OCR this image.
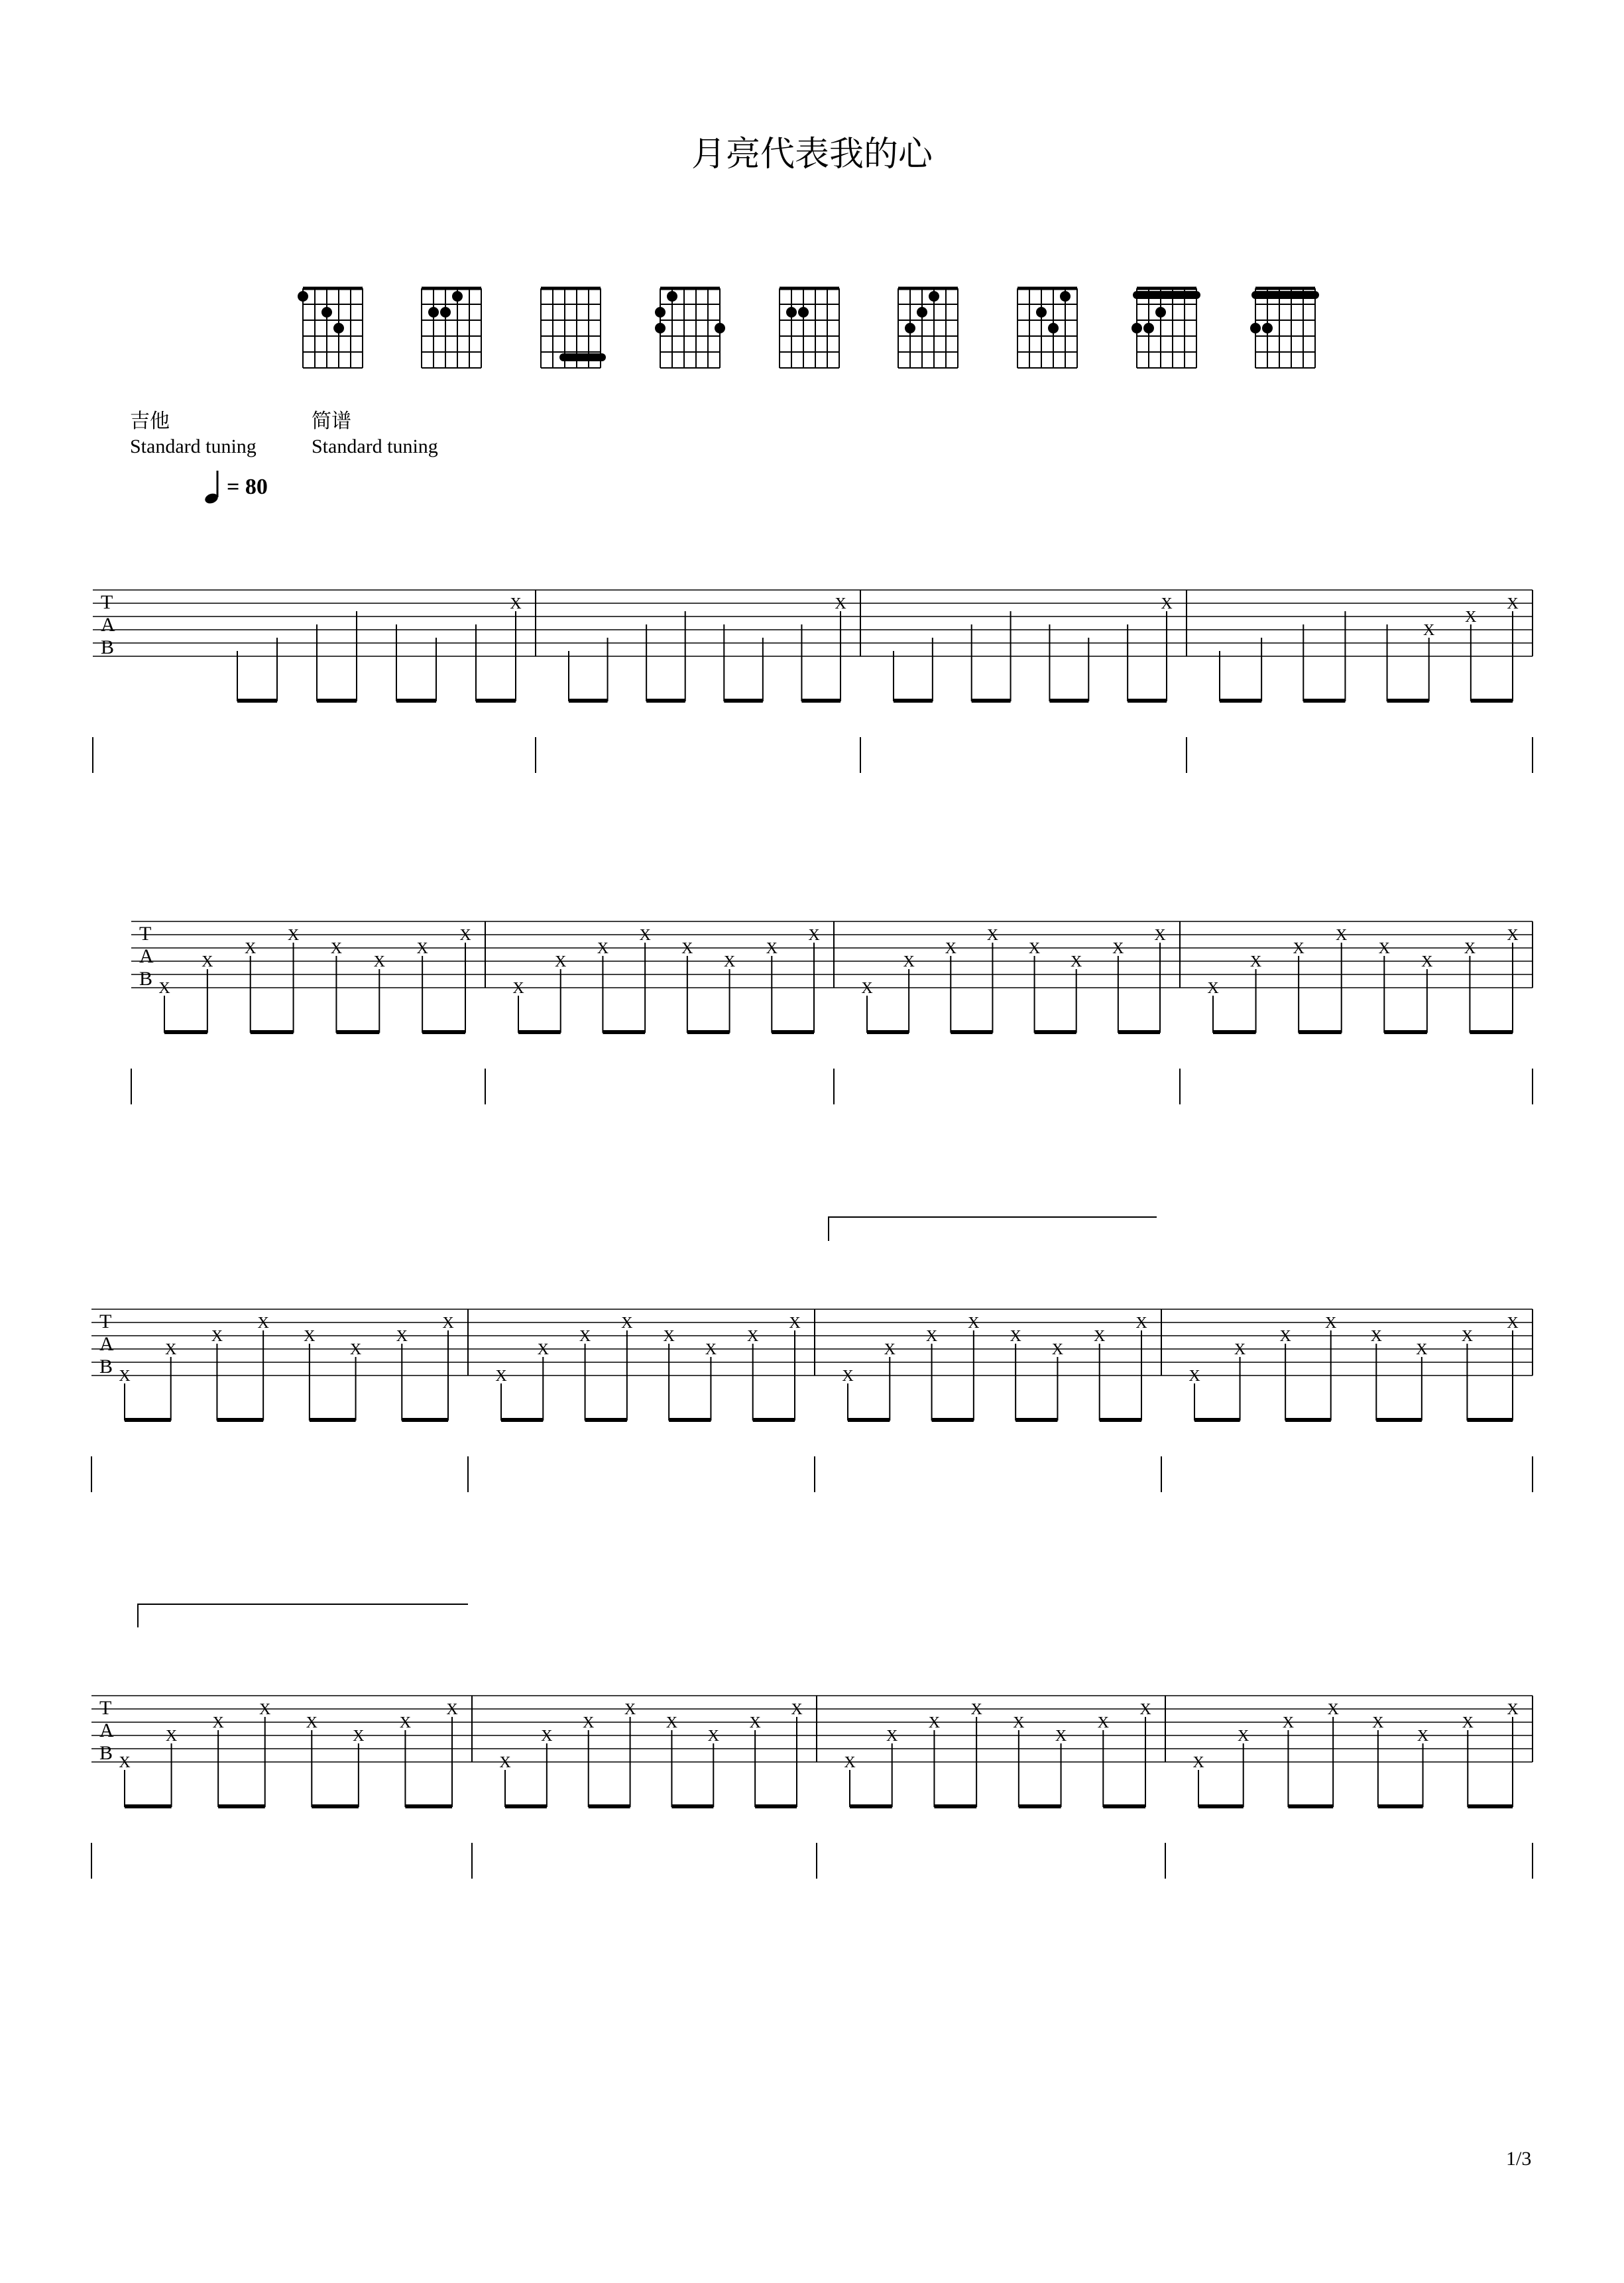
月亮代表我的心
吉他
Standard tuning
简谱
Standard tuning
= 80
T
A
B
X	X	X
X
X
X
T
A
B X
X
X
X
X
X
X
X
X
X
X
X
X
X
X
X
X
X
X
X
X
X
X
X
X
X
X
X
X
X
X
X
T
A
B X
X
X
X
X
X
X
X
X
X
X
X
X
X
X
X
X
X
X
X
X
X
X
X
X
X
X
X
X
X
X
X
T
A
B X
X
X
X
X
X
X
X
X
X
X
X
X
X
X
X
X
X
X
X
X
X
X
X
X
X
X
X
X
X
X
X
1/3
